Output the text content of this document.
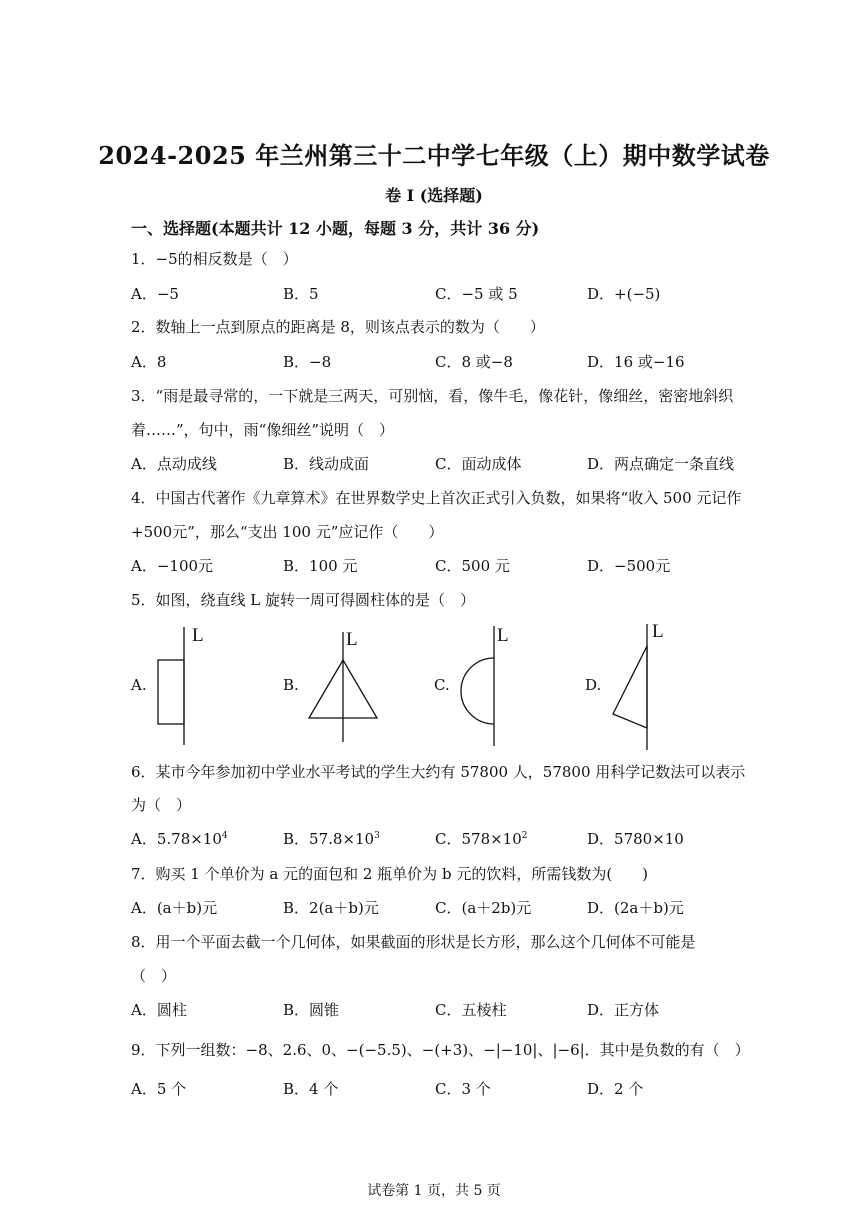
2024-2025 年兰州第三十二中学七年级（上）期中数学试卷
卷 I (选择题)
一、选择题(本题共计 12 小题，每题 3 分，共计 36 分)
1．−5的相反数是（　）
A．−5	B．5	C．−5 或 5	D．+(−5)
2．数轴上一点到原点的距离是 8，则该点表示的数为（　　）
A．8	B．−8	C．8 或−8	D．16 或−16
3．“雨是最寻常的，一下就是三两天，可别恼，看，像牛毛，像花针，像细丝，密密地斜织
着……”，句中，雨“像细丝”说明（　）
A．点动成线	B．线动成面	C．面动成体	D．两点确定一条直线
4．中国古代著作《九章算术》在世界数学史上首次正式引入负数，如果将“收入 500 元记作
+500元”，那么“支出 100 元”应记作（　　）
A．−100元	B．100 元	C．500 元	D．−500元
5．如图，绕直线 L 旋转一周可得圆柱体的是（　）
A.	B.	C.	D.
L	L	L	L
6．某市今年参加初中学业水平考试的学生大约有 57800 人，57800 用科学记数法可以表示
为（　）
A．$5.78\times 10^4$	B．$57.8\times 10^3$	C．$578\times 10^2$	D．5780×10
7．购买 1 个单价为 a 元的面包和 2 瓶单价为 b 元的饮料，所需钱数为(　　)
A．(a＋b)元	B．2(a＋b)元	C．(a＋2b)元	D．(2a＋b)元
8．用一个平面去截一个几何体，如果截面的形状是长方形，那么这个几何体不可能是
（　）
A．圆柱	B．圆锥	C．五棱柱	D．正方体
9．下列一组数：−8、2.6、0、−(−5.5)、−(+3)、−|−10|、|−6|．其中是负数的有（　）
A．5 个	B．4 个	C．3 个	D．2 个
试卷第 1 页，共 5 页
